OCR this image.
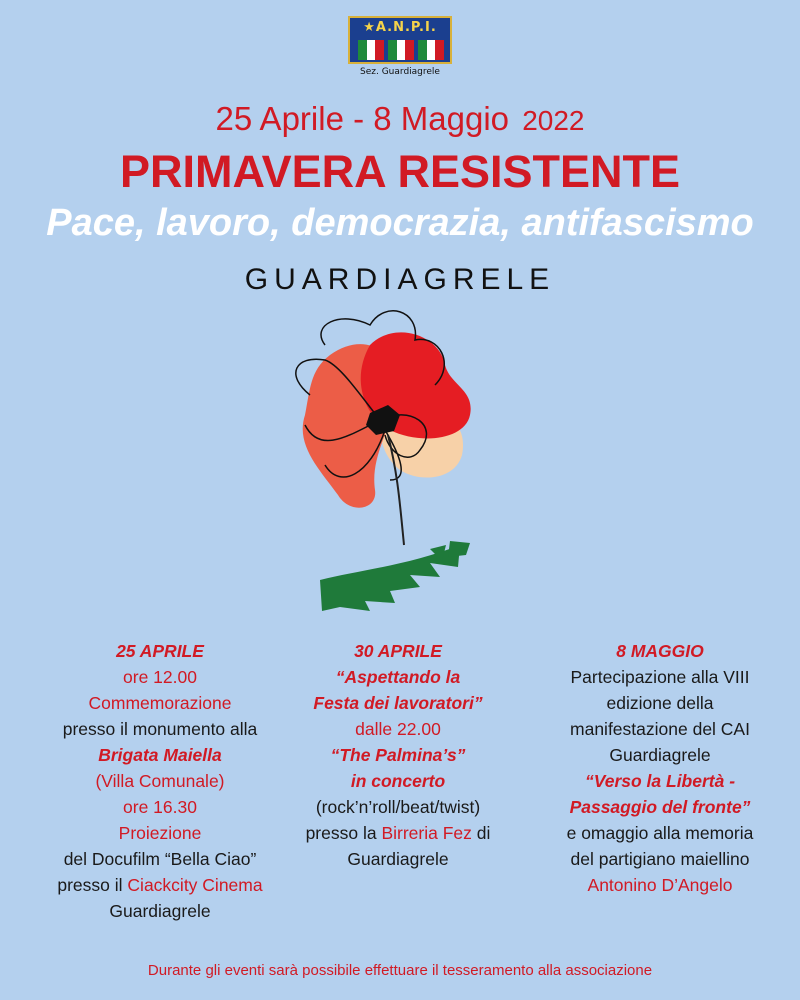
★A.N.P.I.
Sez. Guardiagrele
25 Aprile - 8 Maggio 2022
PRIMAVERA RESISTENTE
Pace, lavoro, democrazia, antifascismo
GUARDIAGRELE
25 APRILE
ore 12.00
Commemorazione
presso il monumento alla
Brigata Maiella
(Villa Comunale)
ore 16.30
Proiezione
del Docufilm “Bella Ciao”
presso il Ciackcity Cinema
Guardiagrele
30 APRILE
“Aspettando la
Festa dei lavoratori”
dalle 22.00
“The Palmina’s”
in concerto
(rock’n’roll/beat/twist)
presso la Birreria Fez di
Guardiagrele
8 MAGGIO
Partecipazione alla VIII
edizione della
manifestazione del CAI
Guardiagrele
“Verso la Libertà -
Passaggio del fronte”
e omaggio alla memoria
del partigiano maiellino
Antonino D’Angelo
Durante gli eventi sarà possibile effettuare il tesseramento alla associazione
